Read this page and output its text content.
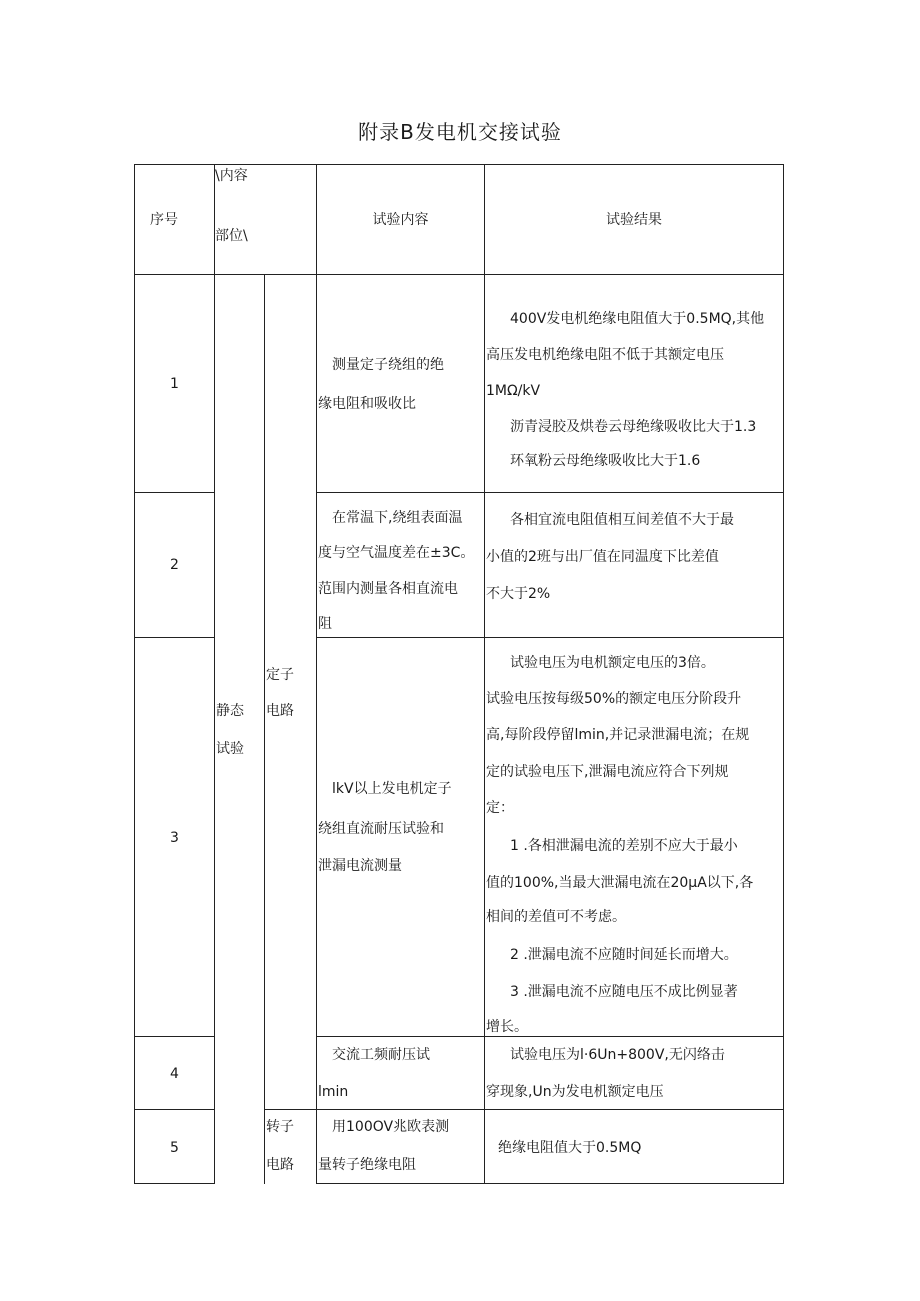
附录B发电机交接试验
序号
\内容
部位\
试验内容	试验结果
静态
试验
定子
电路
转子
电路
1
测量定子绕组的绝
缘电阻和吸收比
400V发电机绝缘电阻值大于0.5MQ,其他
高压发电机绝缘电阻不低于其额定电压
1MΩ/kV
沥青浸胶及烘卷云母绝缘吸收比大于1.3
环氧粉云母绝缘吸收比大于1.6
2
在常温下,绕组表面温
度与空气温度差在±3C。
范围内测量各相直流电
阻
各相宜流电阻值相互间差值不大于最
小值的2班与出厂值在同温度下比差值
不大于2%
3
lkV以上发电机定子
绕组直流耐压试验和
泄漏电流测量
试验电压为电机额定电压的3倍。
试验电压按每级50%的额定电压分阶段升
高,每阶段停留lmin,并记录泄漏电流；在规
定的试验电压下,泄漏电流应符合下列规
定：
1 .各相泄漏电流的差别不应大于最小
值的100%,当最大泄漏电流在20μA以下,各
相间的差值可不考虑。
2 .泄漏电流不应随时间延长而增大。
3 .泄漏电流不应随电压不成比例显著
增长。
4
交流工频耐压试
lmin
试验电压为l·6Un+800V,无闪络击
穿现象,Un为发电机额定电压
5
用100OV兆欧表测
量转子绝缘电阻
绝缘电阻值大于0.5MQ
